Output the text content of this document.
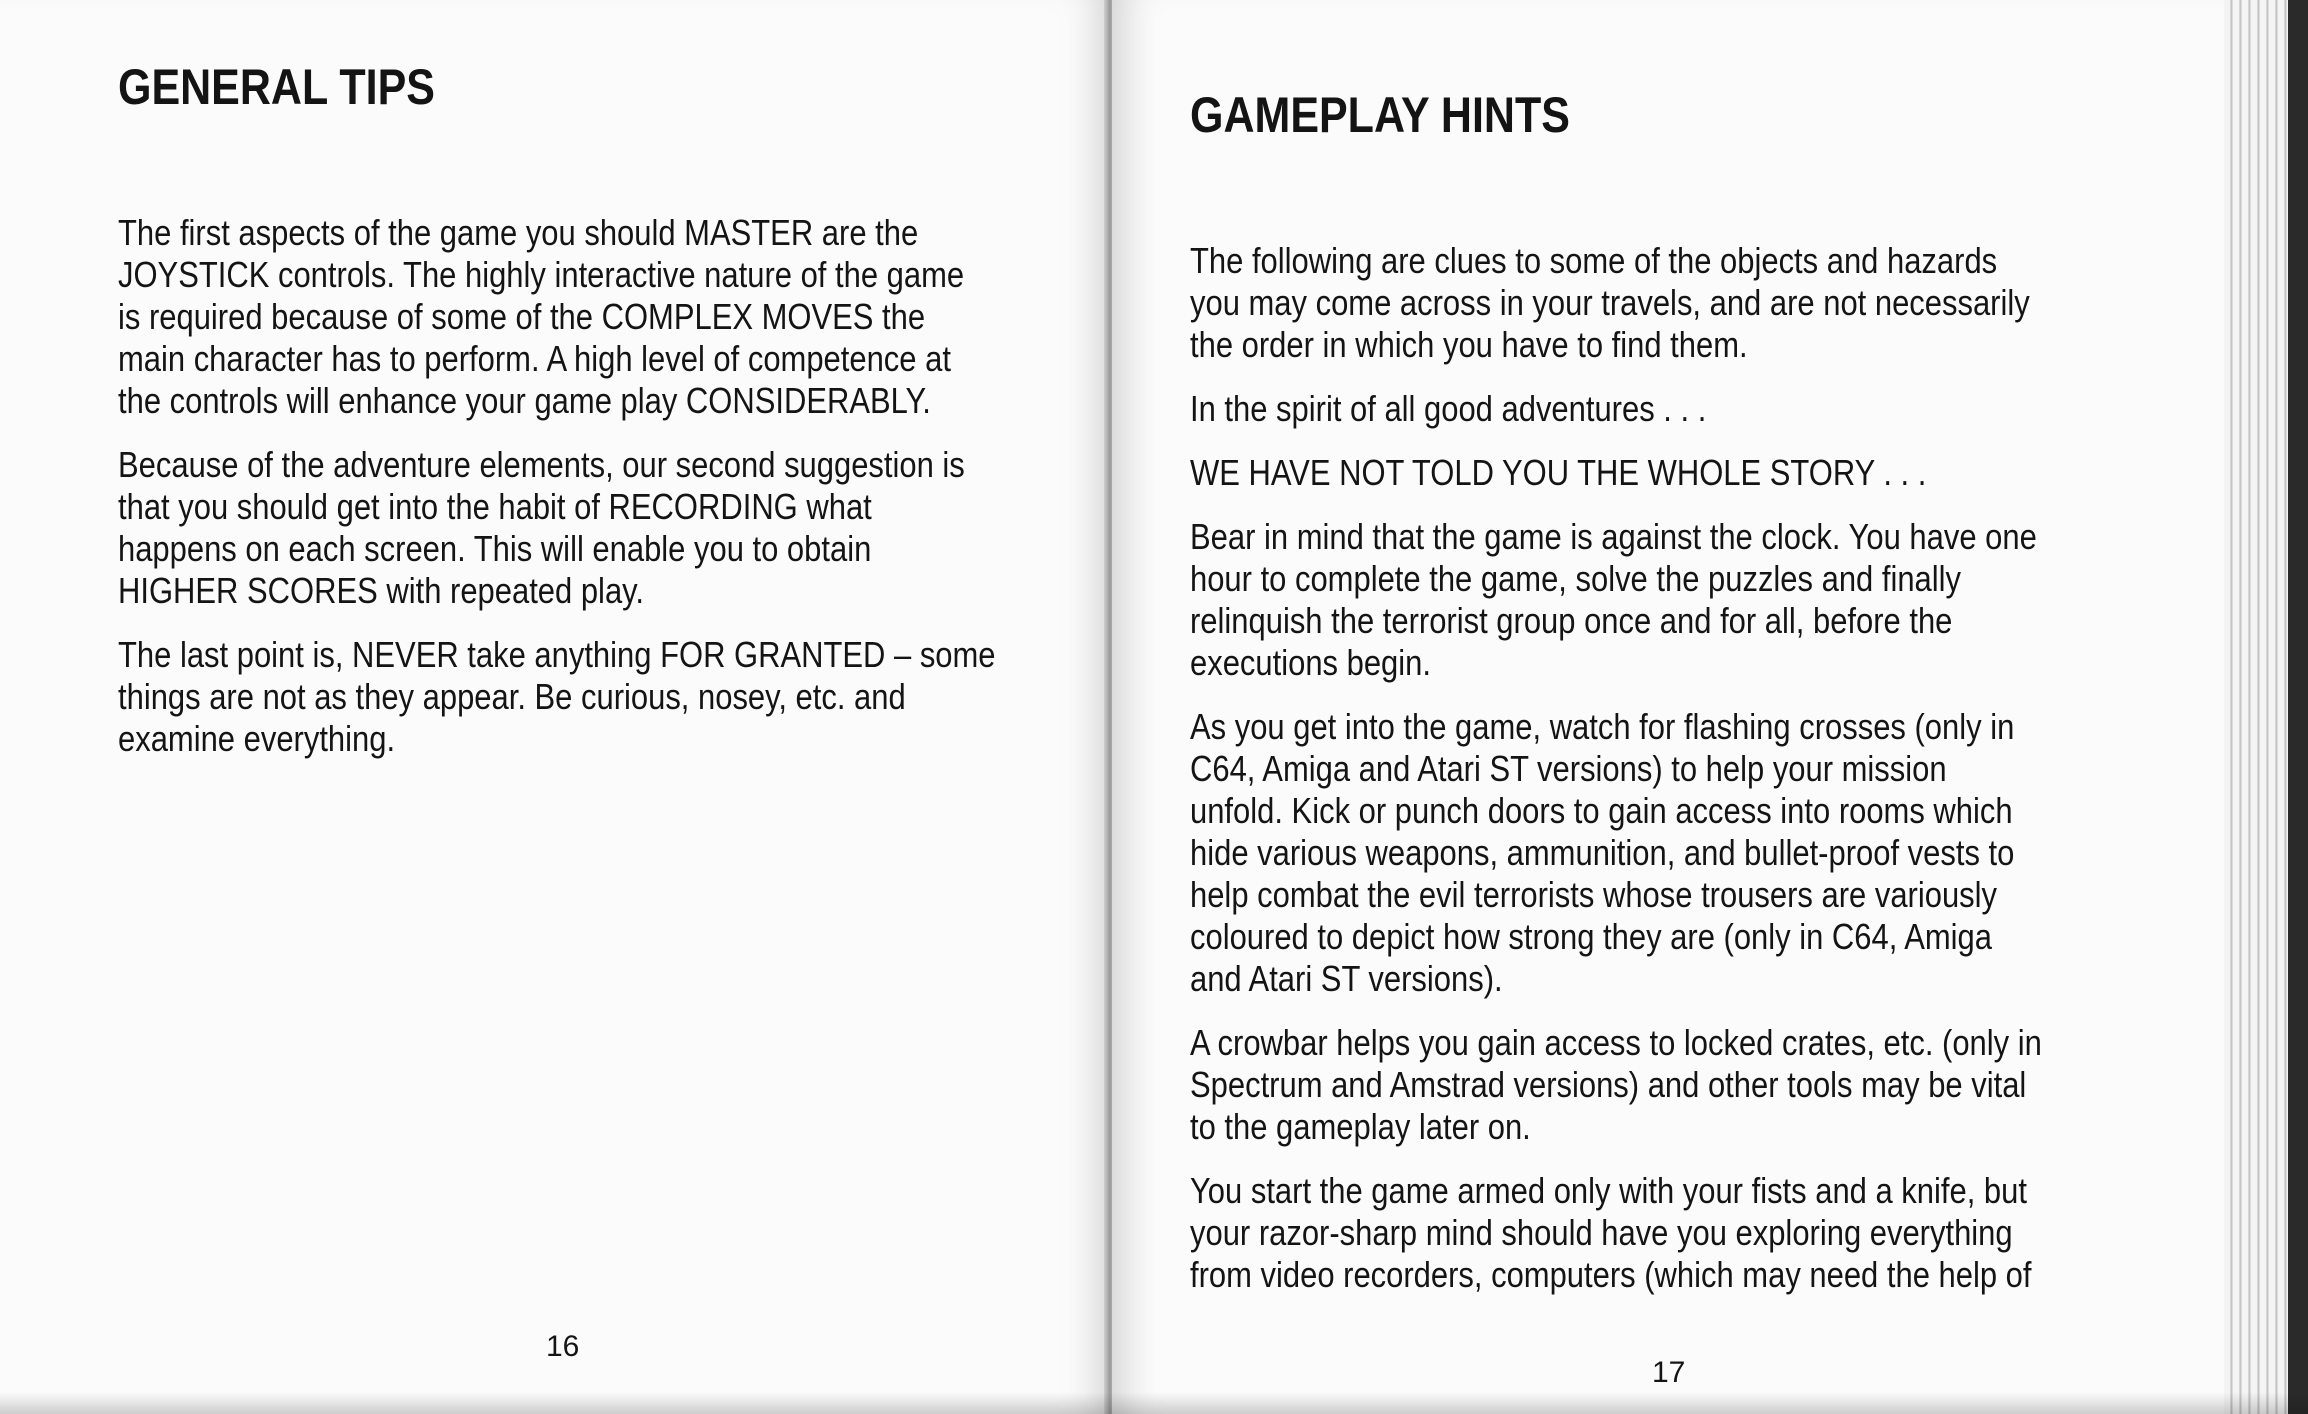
GENERAL TIPS

The first aspects of the game you should MASTER are the
JOYSTICK controls. The highly interactive nature of the game
is required because of some of the COMPLEX MOVES the
main character has to perform. A high level of competence at
the controls will enhance your game play CONSIDERABLY.

Because of the adventure elements, our second suggestion is
that you should get into the habit of RECORDING what
happens on each screen. This will enable you to obtain
HIGHER SCORES with repeated play.

The last point is, NEVER take anything FOR GRANTED – some
things are not as they appear. Be curious, nosey, etc. and
examine everything.

16
GAMEPLAY HINTS

The following are clues to some of the objects and hazards
you may come across in your travels, and are not necessarily
the order in which you have to find them.

In the spirit of all good adventures . . .

WE HAVE NOT TOLD YOU THE WHOLE STORY . . .

Bear in mind that the game is against the clock. You have one
hour to complete the game, solve the puzzles and finally
relinquish the terrorist group once and for all, before the
executions begin.

As you get into the game, watch for flashing crosses (only in
C64, Amiga and Atari ST versions) to help your mission
unfold. Kick or punch doors to gain access into rooms which
hide various weapons, ammunition, and bullet-proof vests to
help combat the evil terrorists whose trousers are variously
coloured to depict how strong they are (only in C64, Amiga
and Atari ST versions).

A crowbar helps you gain access to locked crates, etc. (only in
Spectrum and Amstrad versions) and other tools may be vital
to the gameplay later on.

You start the game armed only with your fists and a knife, but
your razor-sharp mind should have you exploring everything
from video recorders, computers (which may need the help of

17
